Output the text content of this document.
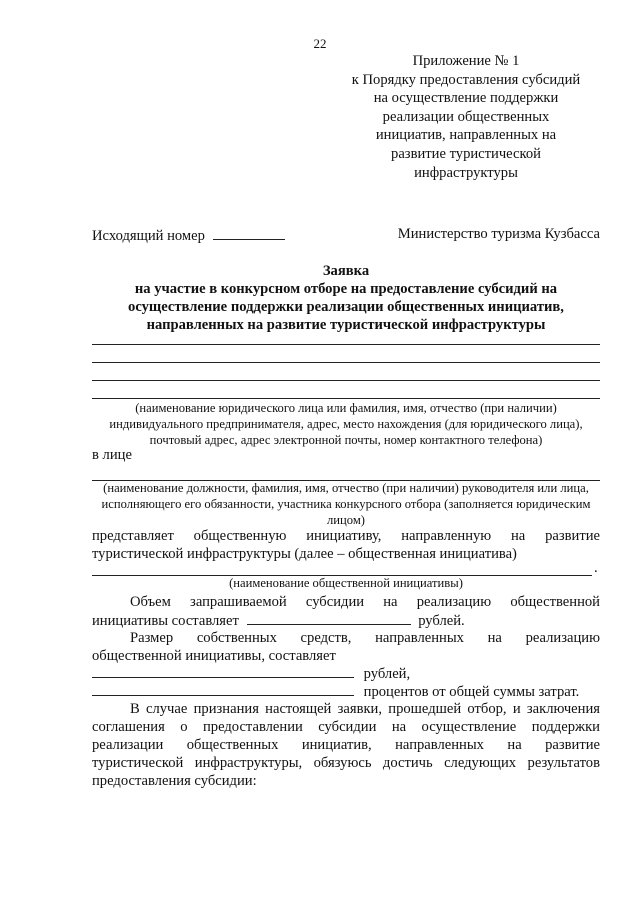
22
Приложение № 1
к Порядку предоставления субсидий
на осуществление поддержки
реализации общественных
инициатив, направленных на
развитие туристической
инфраструктуры
Исходящий номер	Министерство туризма Кузбасса
Заявка
на участие в конкурсном отборе на предоставление субсидий на
осуществление поддержки реализации общественных инициатив,
направленных на развитие туристической инфраструктуры
(наименование юридического лица или фамилия, имя, отчество (при наличии) индивидуального предпринимателя, адрес, место нахождения (для юридического лица), почтовый адрес, адрес электронной почты, номер контактного телефона)
в лице
(наименование должности, фамилия, имя, отчество (при наличии) руководителя или лица, исполняющего его обязанности, участника конкурсного отбора (заполняется юридическим лицом)
представляет общественную инициативу, направленную на развитие
туристической инфраструктуры (далее – общественная инициатива)
.
(наименование общественной инициативы)
Объем запрашиваемой субсидии на реализацию общественной
инициативы составляет	рублей.
Размер собственных средств, направленных на реализацию
общественной инициативы, составляет
рублей,
процентов от общей суммы затрат.
В случае признания настоящей заявки, прошедшей отбор, и заключения
соглашения о предоставлении субсидии на осуществление поддержки
реализации общественных инициатив, направленных на развитие
туристической инфраструктуры, обязуюсь достичь следующих результатов
предоставления субсидии:
